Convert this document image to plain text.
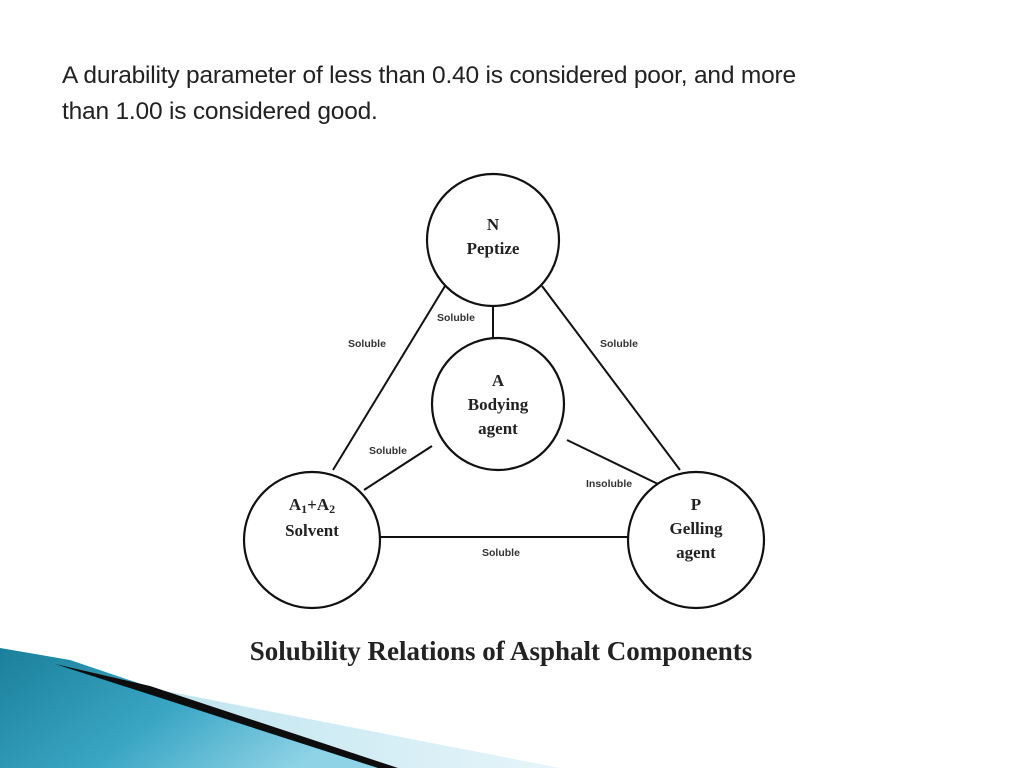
A durability parameter of less than 0.40 is considered poor, and more
than 1.00 is considered good.
N
Peptize
A
Bodying
agent
A1+A2
Solvent
P
Gelling
agent
Soluble
Soluble	Soluble
Soluble
Insoluble
Soluble
Solubility Relations of Asphalt Components
